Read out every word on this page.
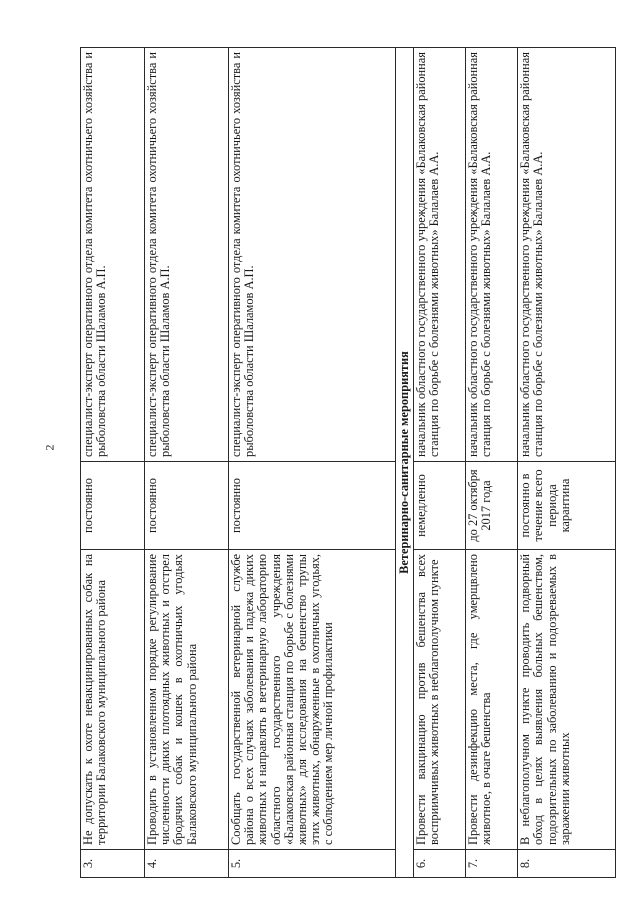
2
3.	Не допускать к охоте невакцинированных собак на территории Балаковского муниципального района	постоянно	специалист-эксперт оперативного отдела комитета охотничьего хозяйства и рыболовства области Шаламов А.П.
4.	Проводить в установленном порядке регулирование численности диких плотоядных животных и отстрел бродячих собак и кошек в охотничьих угодьях Балаковского муниципального района	постоянно	специалист-эксперт оперативного отдела комитета охотничьего хозяйства и рыболовства области Шаламов А.П.
5.	Сообщать государственной ветеринарной службе района о всех случаях заболевания и падежа диких животных и направлять в ветеринарную лабораторию областного государственного учреждения «Балаковская районная станция по борьбе с болезнями животных» для исследования на бешенство трупы этих животных, обнаруженные в охотничьих угодьях, с соблюдением мер личной профилактики	постоянно	специалист-эксперт оперативного отдела комитета охотничьего хозяйства и рыболовства области Шаламов А.П.
Ветеринарно-санитарные мероприятия			
6.	Провести вакцинацию против бешенства всех восприимчивых животных в неблагополучном пункте	немедленно	начальник областного государственного учреждения «Балаковская районная станция по борьбе с болезнями животных» Балалаев А.А.
7.	Провести дезинфекцию места, где умерщвлено животное, в очаге бешенства	до 27 октября 2017 года	начальник областного государственного учреждения «Балаковская районная станция по борьбе с болезнями животных» Балалаев А.А.
8.	В неблагополучном пункте проводить подворный обход в целях выявления больных бешенством, подозрительных по заболеванию и подозреваемых в заражении животных	постоянно в течение всего периода карантина	начальник областного государственного учреждения «Балаковская районная станция по борьбе с болезнями животных» Балалаев А.А.
